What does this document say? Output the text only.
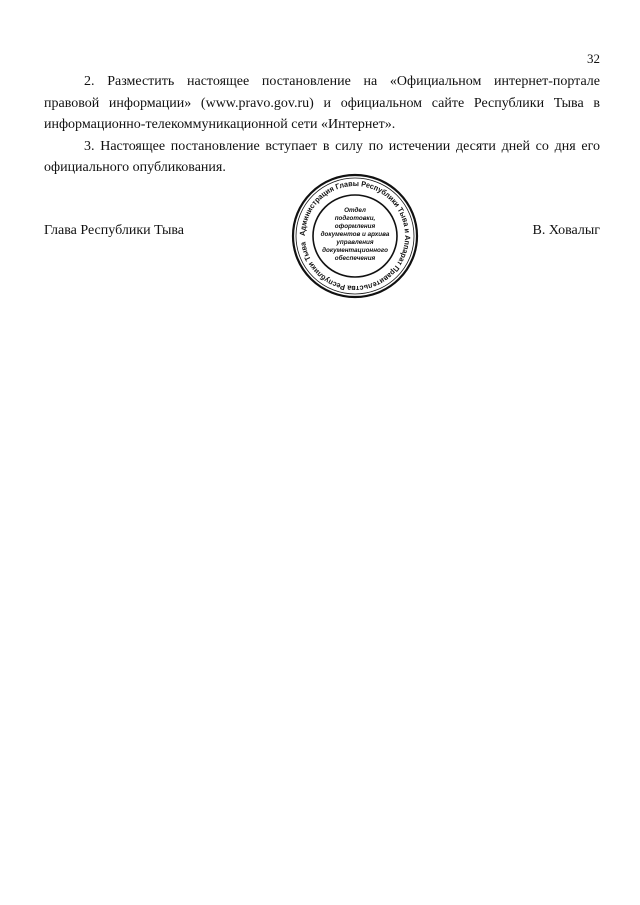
32

2. Разместить настоящее постановление на «Официальном интернет-портале правовой информации» (www.pravo.gov.ru) и официальном сайте Республики Тыва в информационно-телекоммуникационной сети «Интернет».

3. Настоящее постановление вступает в силу по истечении десяти дней со дня его официального опубликования.

Глава Республики Тыва	В. Ховалыг
Администрация Главы Республики Тыва и Аппарат Правительства Республики Тыва
Отдел
подготовки,
оформления
документов и архива
управления
документационного
обеспечения
